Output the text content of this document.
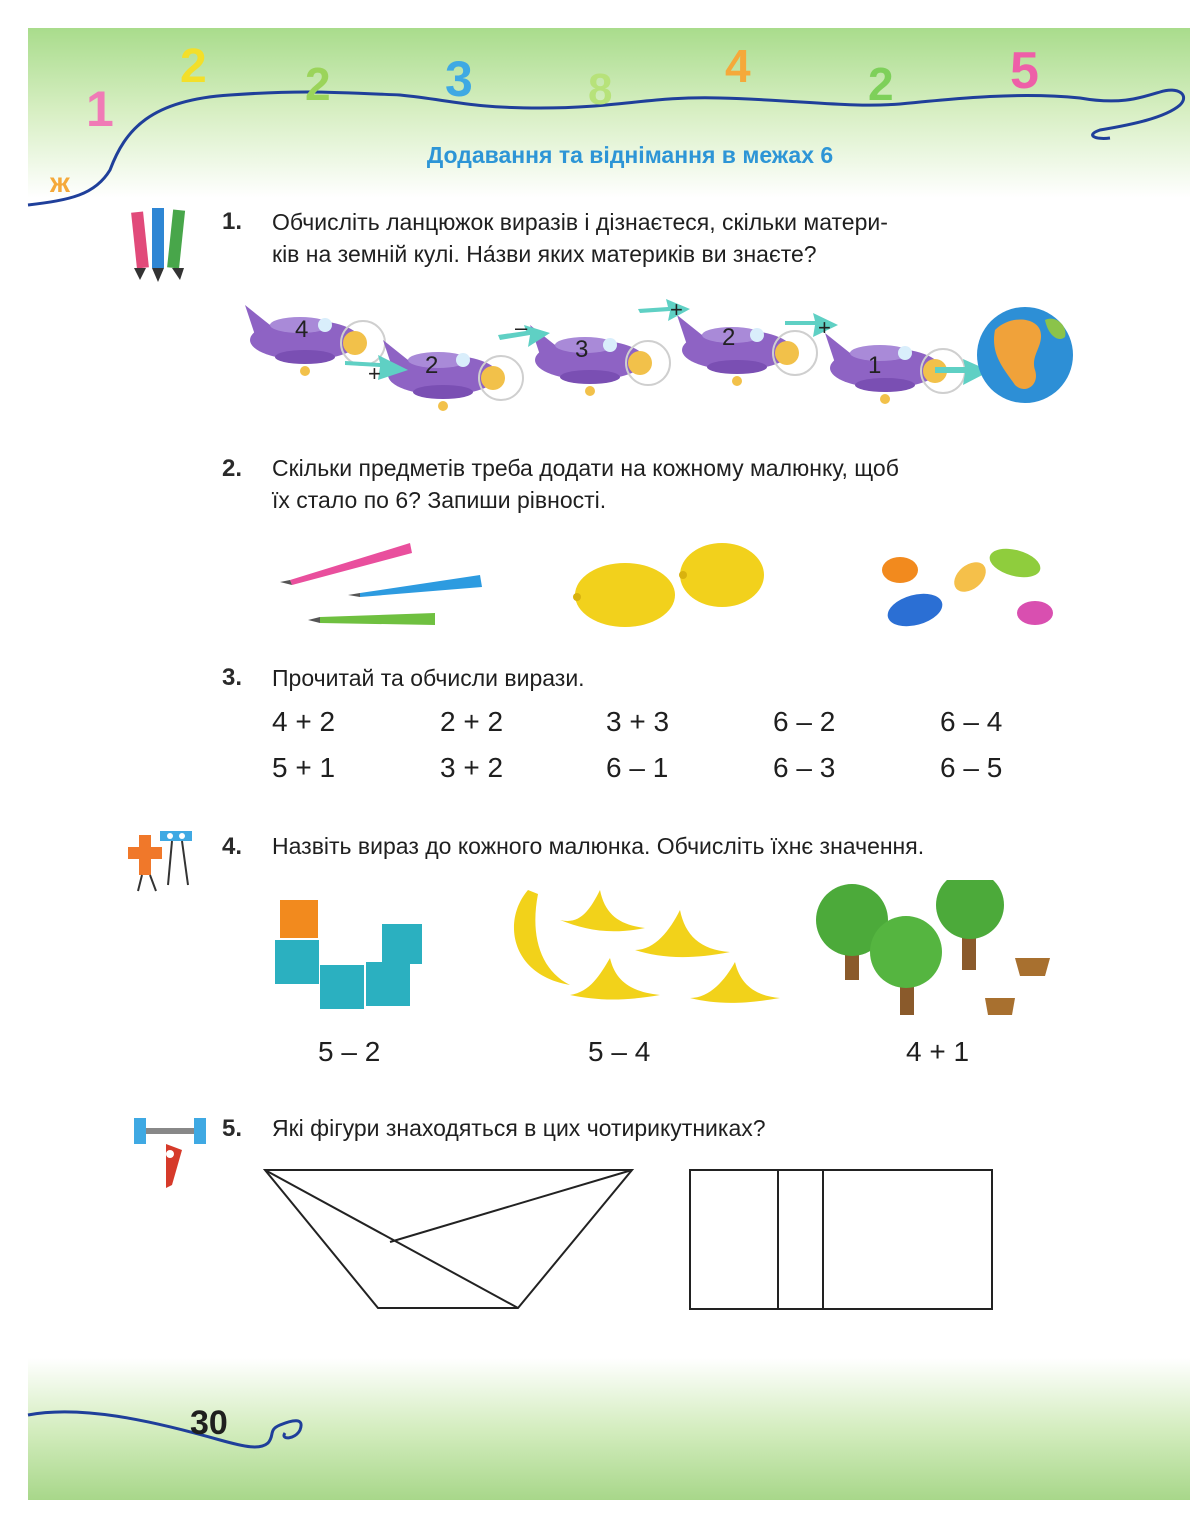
1
2 2 3	8 4	2 5
ж
Додавання та віднімання в межах 6
1. Обчисліть ланцюжок виразів і дізнаєтеся, скільки матери-
ків на земній кулі. На́зви яких материків ви знаєте?
4
2
+
3
–	2
+
1
+
2. Скільки предметів треба додати на кожному малюнку, щоб
їх стало по 6? Запиши рівності.
3. Прочитай та обчисли вирази.
4 + 2	2 + 2	3 + 3	6 – 2	6 – 4
5 + 1	3 + 2	6 – 1	6 – 3	6 – 5
4. Назвіть вираз до кожного малюнка. Обчисліть їхнє значення.
5 – 2	5 – 4	4 + 1
5. Які фігури знаходяться в цих чотирикутниках?
30
